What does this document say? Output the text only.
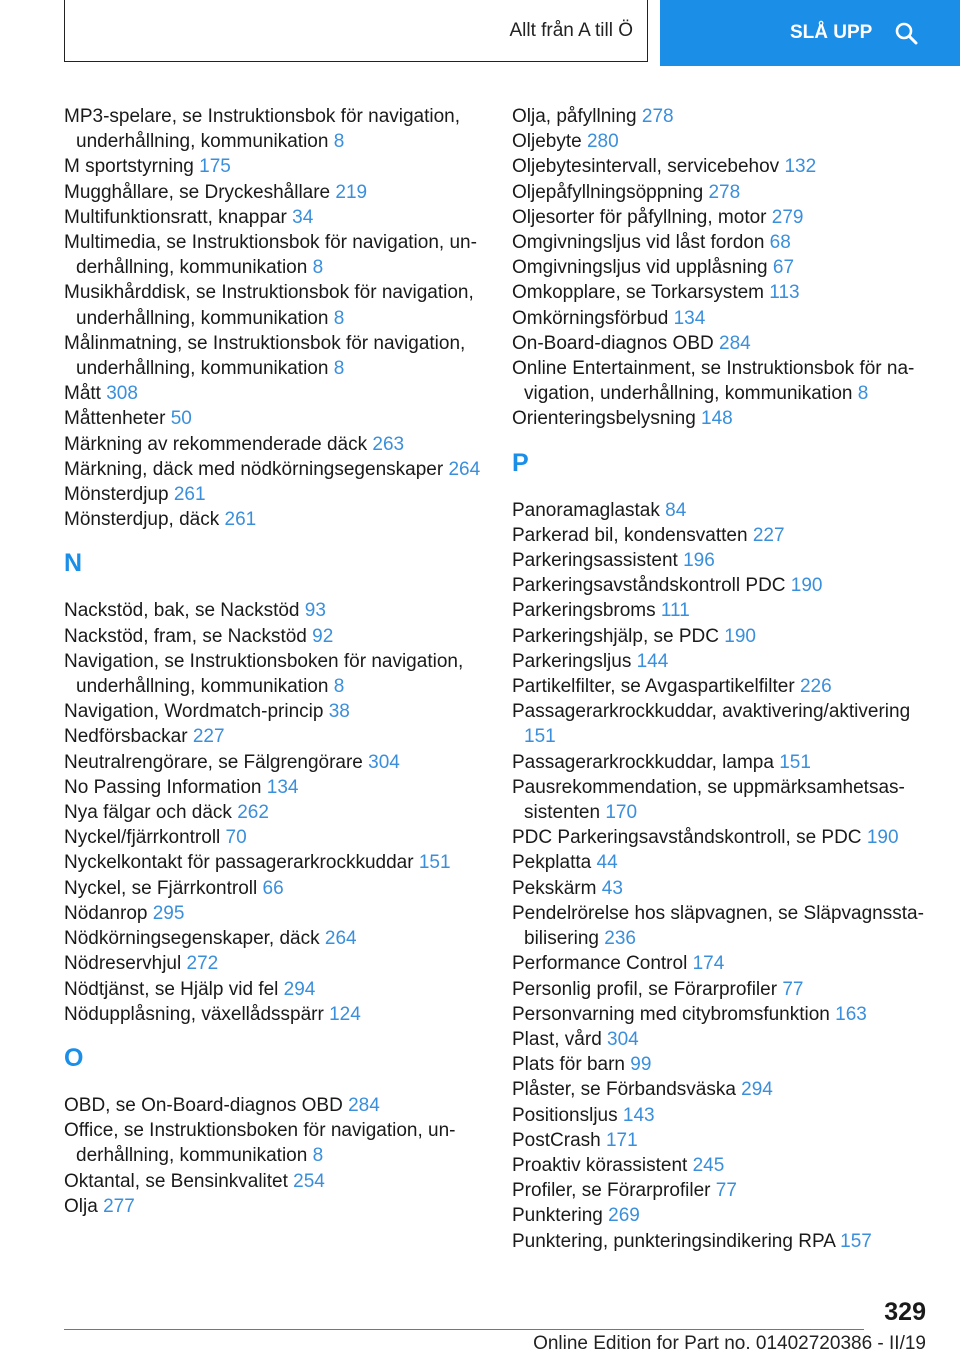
Allt från A till Ö	SLÅ UPP
MP3-spelare, se Instruktionsbok för navigation, underhållning, kommunikation 8
M sportstyrning 175
Mugghållare, se Dryckeshållare 219
Multifunktionsratt, knappar 34
Multimedia, se Instruktionsbok för navigation, underhållning, kommunikation 8
Musikhårddisk, se Instruktionsbok för navigation, underhållning, kommunikation 8
Målinmatning, se Instruktionsbok för navigation, underhållning, kommunikation 8
Mått 308
Måttenheter 50
Märkning av rekommenderade däck 263
Märkning, däck med nödkörningsegenskaper 264
Mönsterdjup 261
Mönsterdjup, däck 261
N
Nackstöd, bak, se Nackstöd 93
Nackstöd, fram, se Nackstöd 92
Navigation, se Instruktionsboken för navigation, underhållning, kommunikation 8
Navigation, Wordmatch-princip 38
Nedförsbackar 227
Neutralrengörare, se Fälgrengörare 304
No Passing Information 134
Nya fälgar och däck 262
Nyckel/fjärrkontroll 70
Nyckelkontakt för passagerarkrockkuddar 151
Nyckel, se Fjärrkontroll 66
Nödanrop 295
Nödkörningsegenskaper, däck 264
Nödreservhjul 272
Nödtjänst, se Hjälp vid fel 294
Nödupplåsning, växellådsspärr 124
O
OBD, se On-Board-diagnos OBD 284
Office, se Instruktionsboken för navigation, underhållning, kommunikation 8
Oktantal, se Bensinkvalitet 254
Olja 277
Olja, påfyllning 278
Oljebyte 280
Oljebytesintervall, servicebehov 132
Oljepåfyllningsöppning 278
Oljesorter för påfyllning, motor 279
Omgivningsljus vid låst fordon 68
Omgivningsljus vid upplåsning 67
Omkopplare, se Torkarsystem 113
Omkörningsförbud 134
On-Board-diagnos OBD 284
Online Entertainment, se Instruktionsbok för navigation, underhållning, kommunikation 8
Orienteringsbelysning 148
P
Panoramaglastak 84
Parkerad bil, kondensvatten 227
Parkeringsassistent 196
Parkeringsavståndskontroll PDC 190
Parkeringsbroms 111
Parkeringshjälp, se PDC 190
Parkeringsljus 144
Partikelfilter, se Avgaspartikelfilter 226
Passagerarkrockkuddar, avaktivering/aktivering 151
Passagerarkrockkuddar, lampa 151
Pausrekommendation, se uppmärksamhetsassistenten 170
PDC Parkeringsavståndskontroll, se PDC 190
Pekplatta 44
Pekskärm 43
Pendelrörelse hos släpvagnen, se Släpvagnsstabilisering 236
Performance Control 174
Personlig profil, se Förarprofiler 77
Personvarning med citybromsfunktion 163
Plast, vård 304
Plats för barn 99
Plåster, se Förbandsväska 294
Positionsljus 143
PostCrash 171
Proaktiv körassistent 245
Profiler, se Förarprofiler 77
Punktering 269
Punktering, punkteringsindikering RPA 157
329
Online Edition for Part no. 01402720386 - II/19
